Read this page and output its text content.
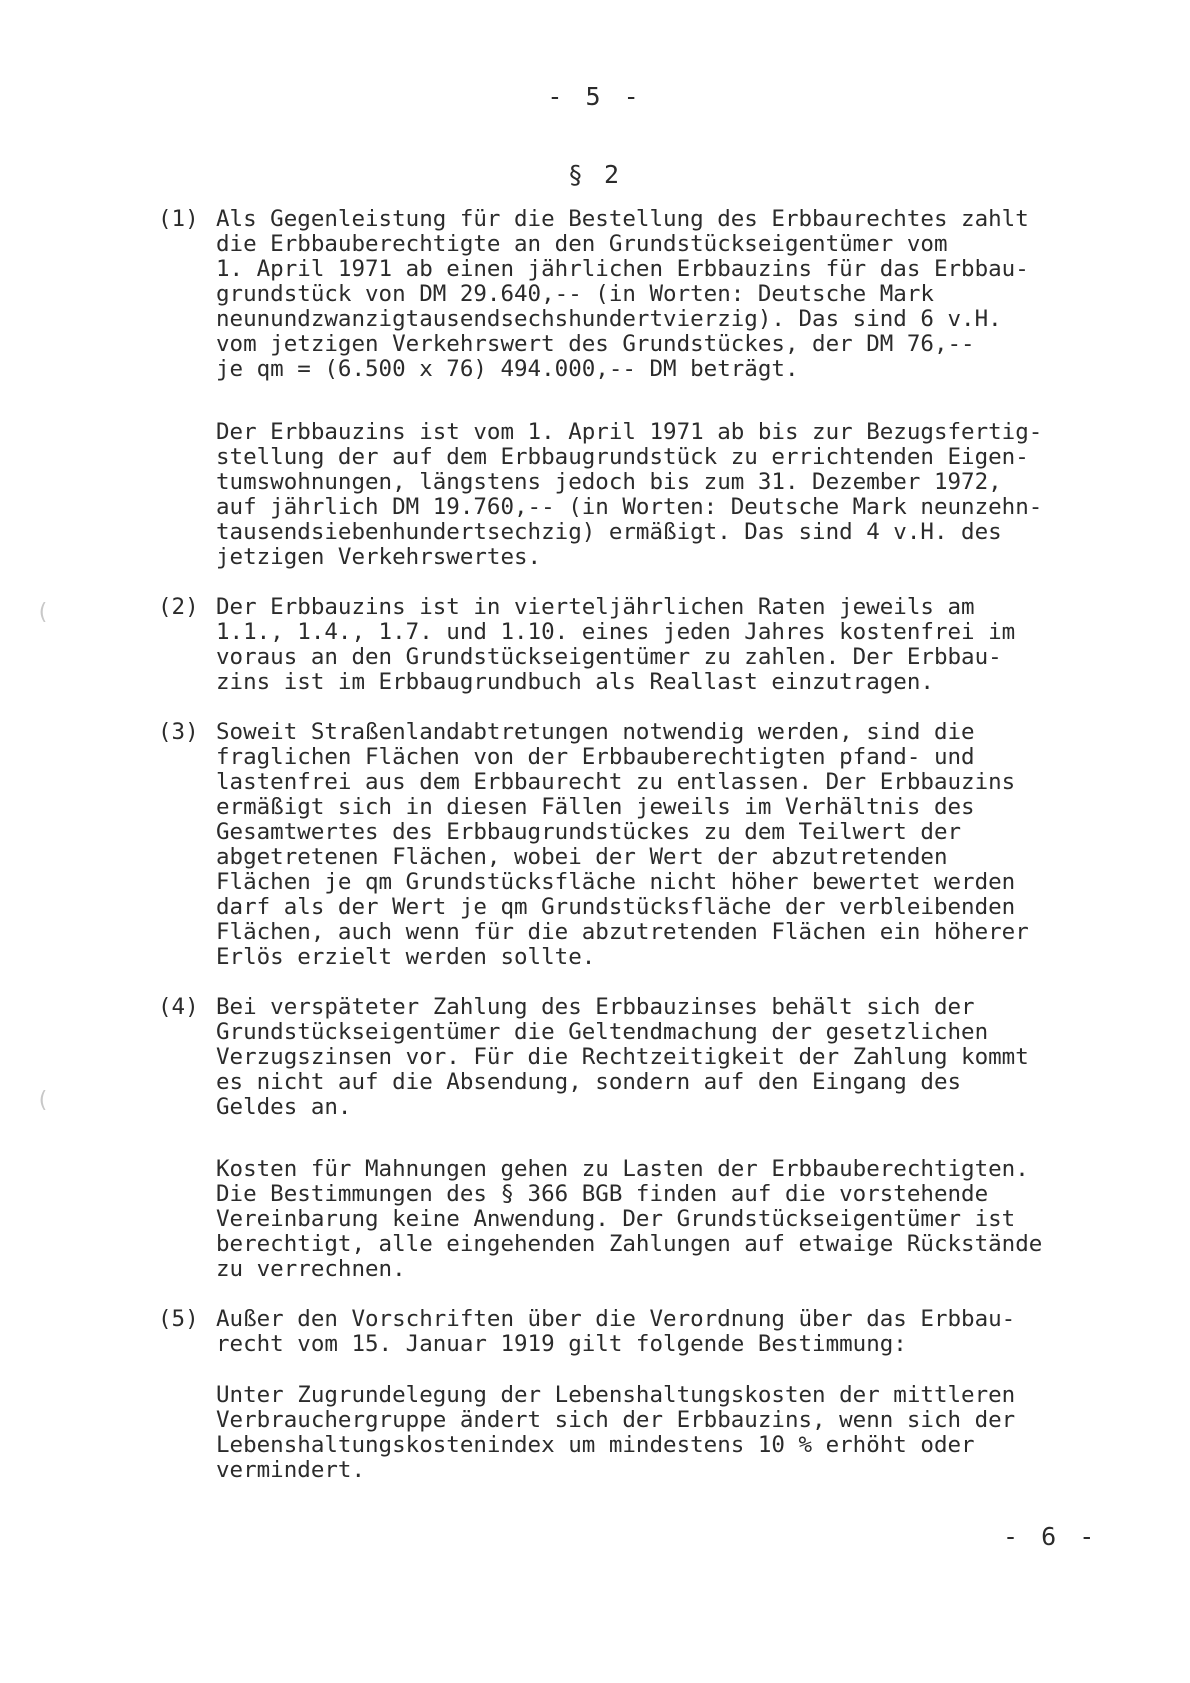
(
(
- 5 -
§ 2
(1) Als Gegenleistung für die Bestellung des Erbbaurechtes zahlt
die Erbbauberechtigte an den Grundstückseigentümer vom
1. April 1971 ab einen jährlichen Erbbauzins für das Erbbau-
grundstück von DM 29.640,-- (in Worten: Deutsche Mark
neunundzwanzigtausendsechshundertvierzig). Das sind 6 v.H.
vom jetzigen Verkehrswert des Grundstückes, der DM 76,--
je qm = (6.500 x 76) 494.000,-- DM beträgt.
Der Erbbauzins ist vom 1. April 1971 ab bis zur Bezugsfertig-
stellung der auf dem Erbbaugrundstück zu errichtenden Eigen-
tumswohnungen, längstens jedoch bis zum 31. Dezember 1972,
auf jährlich DM 19.760,-- (in Worten: Deutsche Mark neunzehn-
tausendsiebenhundertsechzig) ermäßigt. Das sind 4 v.H. des
jetzigen Verkehrswertes.
(2) Der Erbbauzins ist in vierteljährlichen Raten jeweils am
1.1., 1.4., 1.7. und 1.10. eines jeden Jahres kostenfrei im
voraus an den Grundstückseigentümer zu zahlen. Der Erbbau-
zins ist im Erbbaugrundbuch als Reallast einzutragen.
(3) Soweit Straßenlandabtretungen notwendig werden, sind die
fraglichen Flächen von der Erbbauberechtigten pfand- und
lastenfrei aus dem Erbbaurecht zu entlassen. Der Erbbauzins
ermäßigt sich in diesen Fällen jeweils im Verhältnis des
Gesamtwertes des Erbbaugrundstückes zu dem Teilwert der
abgetretenen Flächen, wobei der Wert der abzutretenden
Flächen je qm Grundstücksfläche nicht höher bewertet werden
darf als der Wert je qm Grundstücksfläche der verbleibenden
Flächen, auch wenn für die abzutretenden Flächen ein höherer
Erlös erzielt werden sollte.
(4) Bei verspäteter Zahlung des Erbbauzinses behält sich der
Grundstückseigentümer die Geltendmachung der gesetzlichen
Verzugszinsen vor. Für die Rechtzeitigkeit der Zahlung kommt
es nicht auf die Absendung, sondern auf den Eingang des
Geldes an.
Kosten für Mahnungen gehen zu Lasten der Erbbauberechtigten.
Die Bestimmungen des § 366 BGB finden auf die vorstehende
Vereinbarung keine Anwendung. Der Grundstückseigentümer ist
berechtigt, alle eingehenden Zahlungen auf etwaige Rückstände
zu verrechnen.
(5) Außer den Vorschriften über die Verordnung über das Erbbau-
recht vom 15. Januar 1919 gilt folgende Bestimmung:
Unter Zugrundelegung der Lebenshaltungskosten der mittleren
Verbrauchergruppe ändert sich der Erbbauzins, wenn sich der
Lebenshaltungskostenindex um mindestens 10 % erhöht oder
vermindert.
- 6 -
